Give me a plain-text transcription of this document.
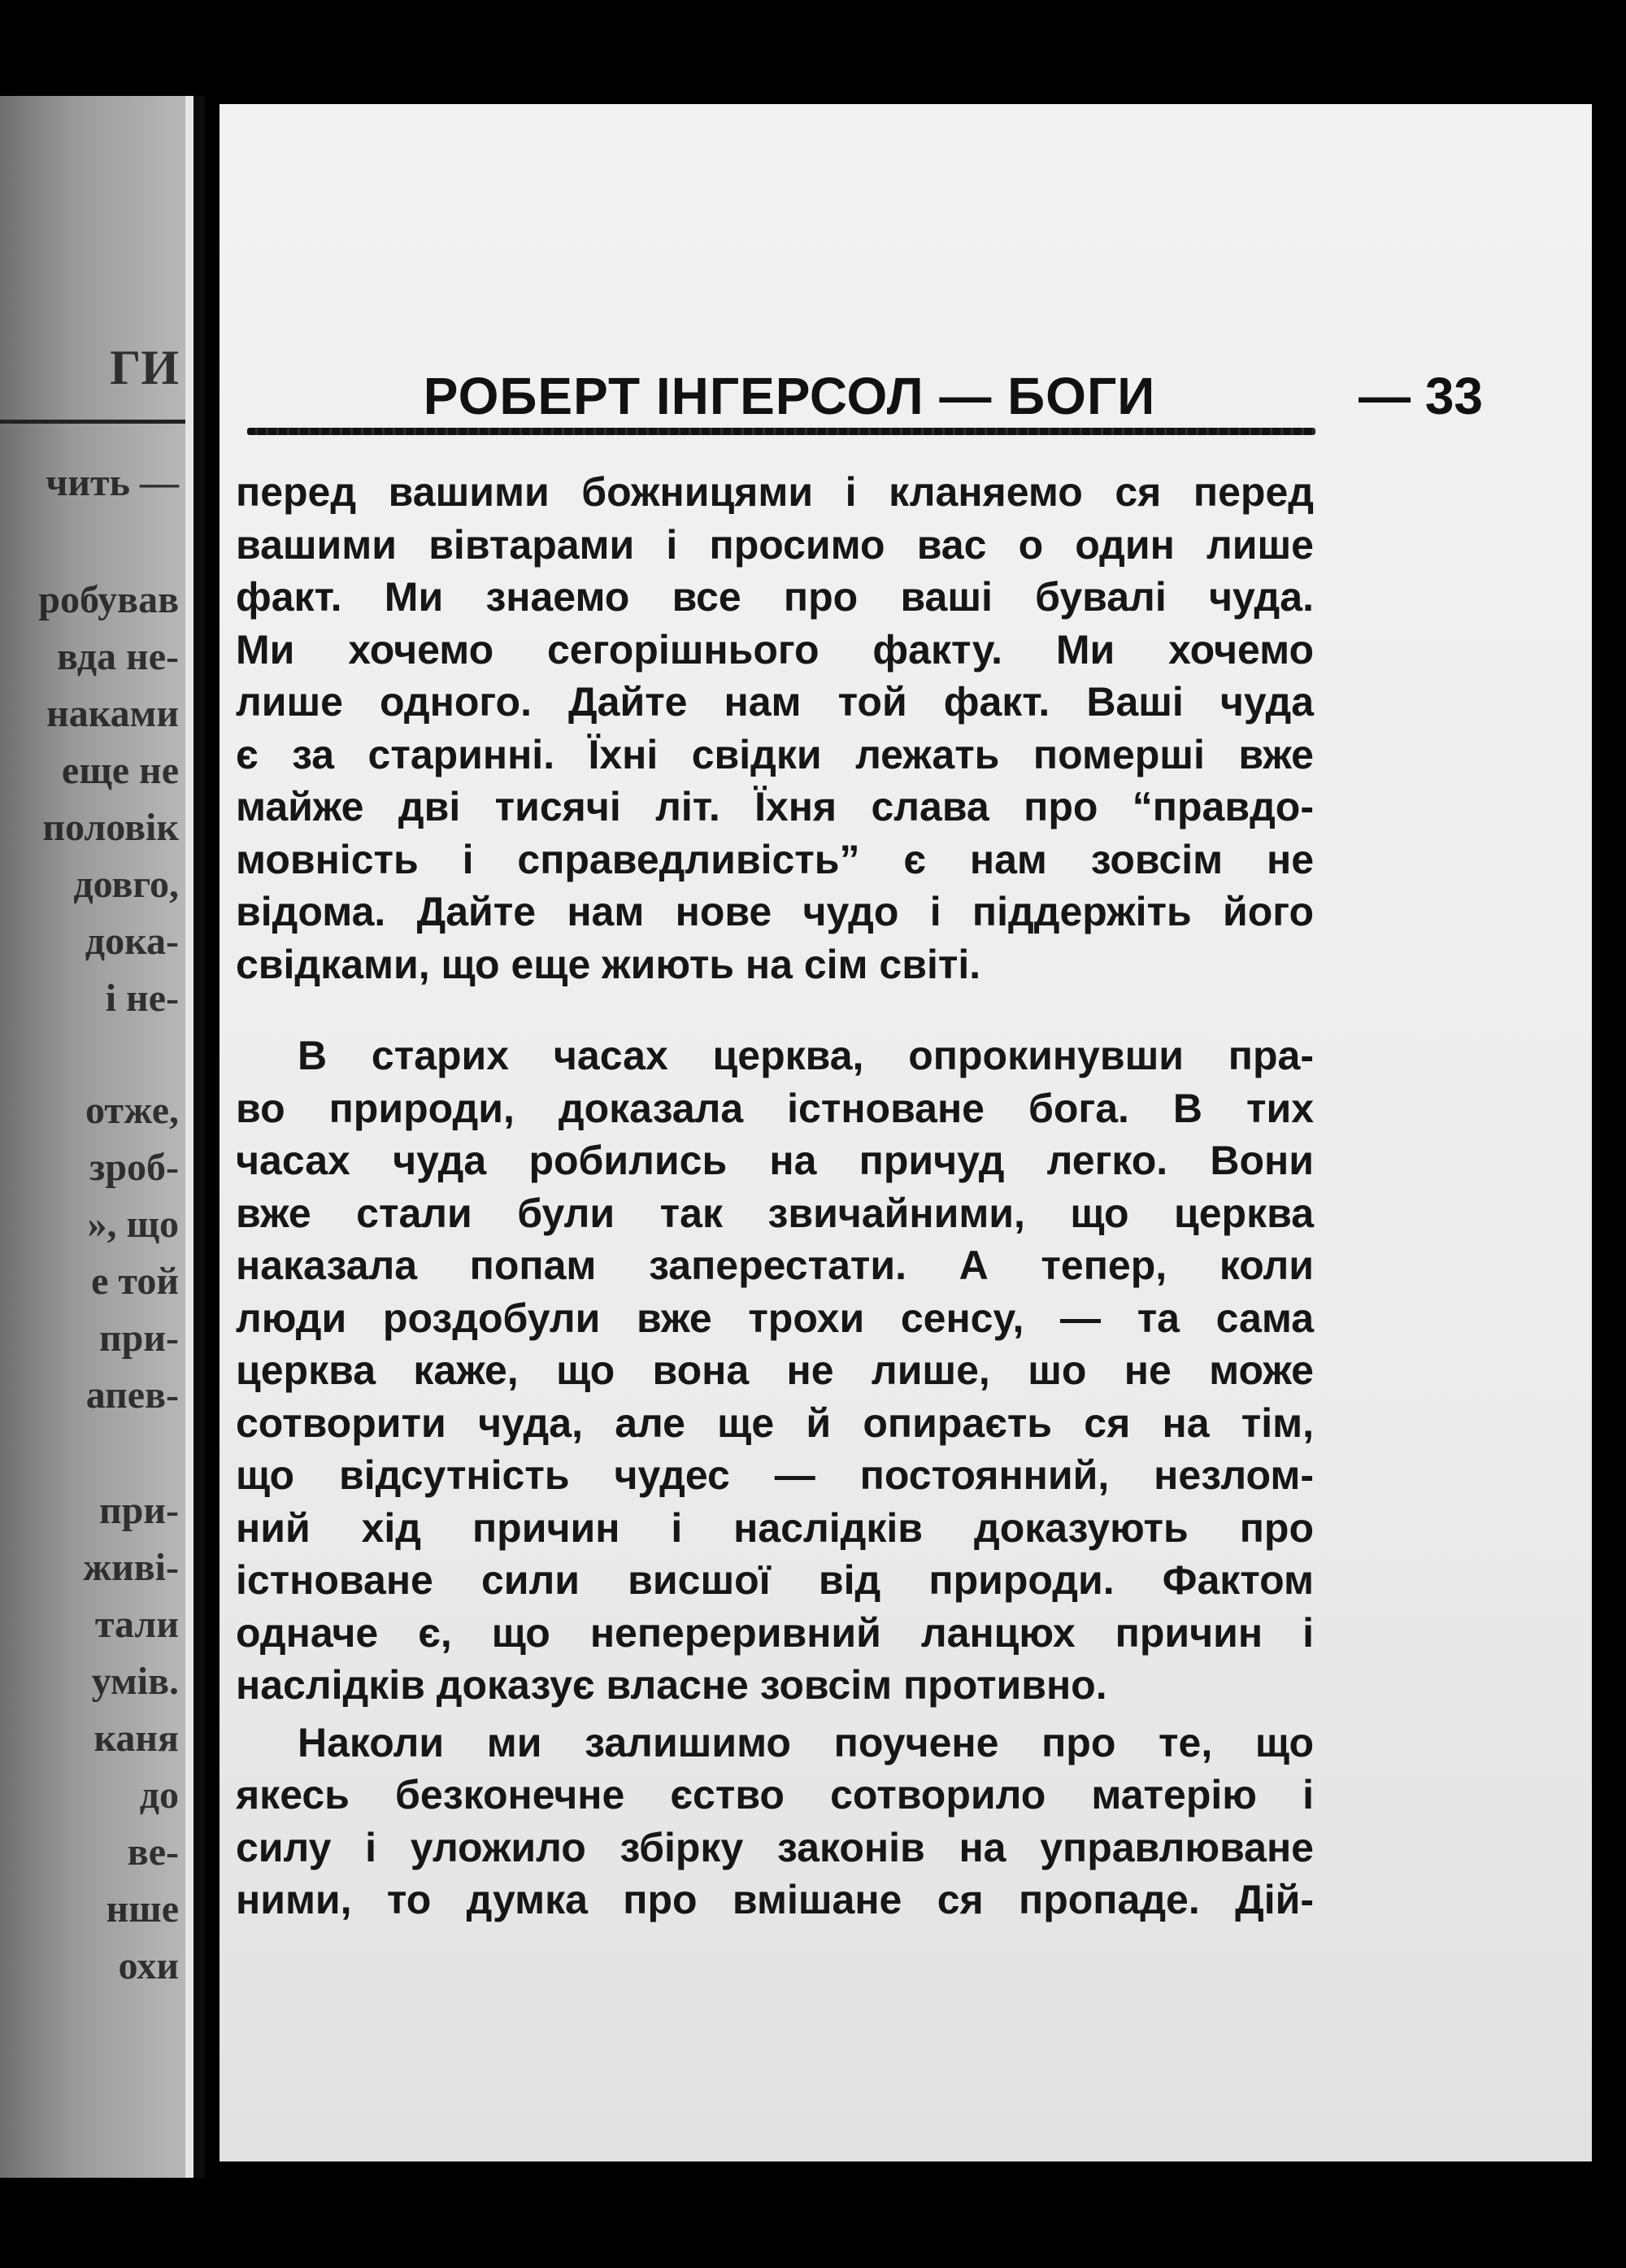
ГИ
чить —
робував
вда не-
наками
еще не
половік
довго,
дока-
і не-
отже,
зроб-
», що
е той
при-
апев-
при-
живі-
тали
умів.
каня
до
ве-
нше
охи
РОБЕРТ ІНГЕРСОЛ — БОГИ	— 33

перед вашими божницями і кланяемо ся перед

вашими вівтарами і просимо вас о один лише

факт. Ми знаемо все про ваші бувалі чуда.

Ми хочемо сегорішнього факту. Ми хочемо

лише одного. Дайте нам той факт. Ваші чуда

є за старинні. Їхні свідки лежать померші вже

майже дві тисячі літ. Їхня слава про “правдо-

мовність і справедливість” є нам зовсім не

відома. Дайте нам нове чудо і піддержіть його

свідками, що еще жиють на сім світі.

В старих часах церква, опрокинувши пра-

во природи, доказала істноване бога. В тих

часах чуда робились на причуд легко. Вони

вже стали були так звичайними, що церква

наказала попам заперестати. А тепер, коли

люди роздобули вже трохи сенсу, — та сама

церква каже, що вона не лише, шо не може

сотворити чуда, але ще й опираєть ся на тім,

що відсутність чудес — постоянний, незлом-

ний хід причин і наслідків доказують про

істноване сили висшої від природи. Фактом

одначе є, що непереривний ланцюх причин і

наслідків доказує власне зовсім противно.

Наколи ми залишимо поучене про те, що

якесь безконечне єство сотворило матерію і

силу і уложило збірку законів на управлюване

ними, то думка про вмішане ся пропаде. Дій-
